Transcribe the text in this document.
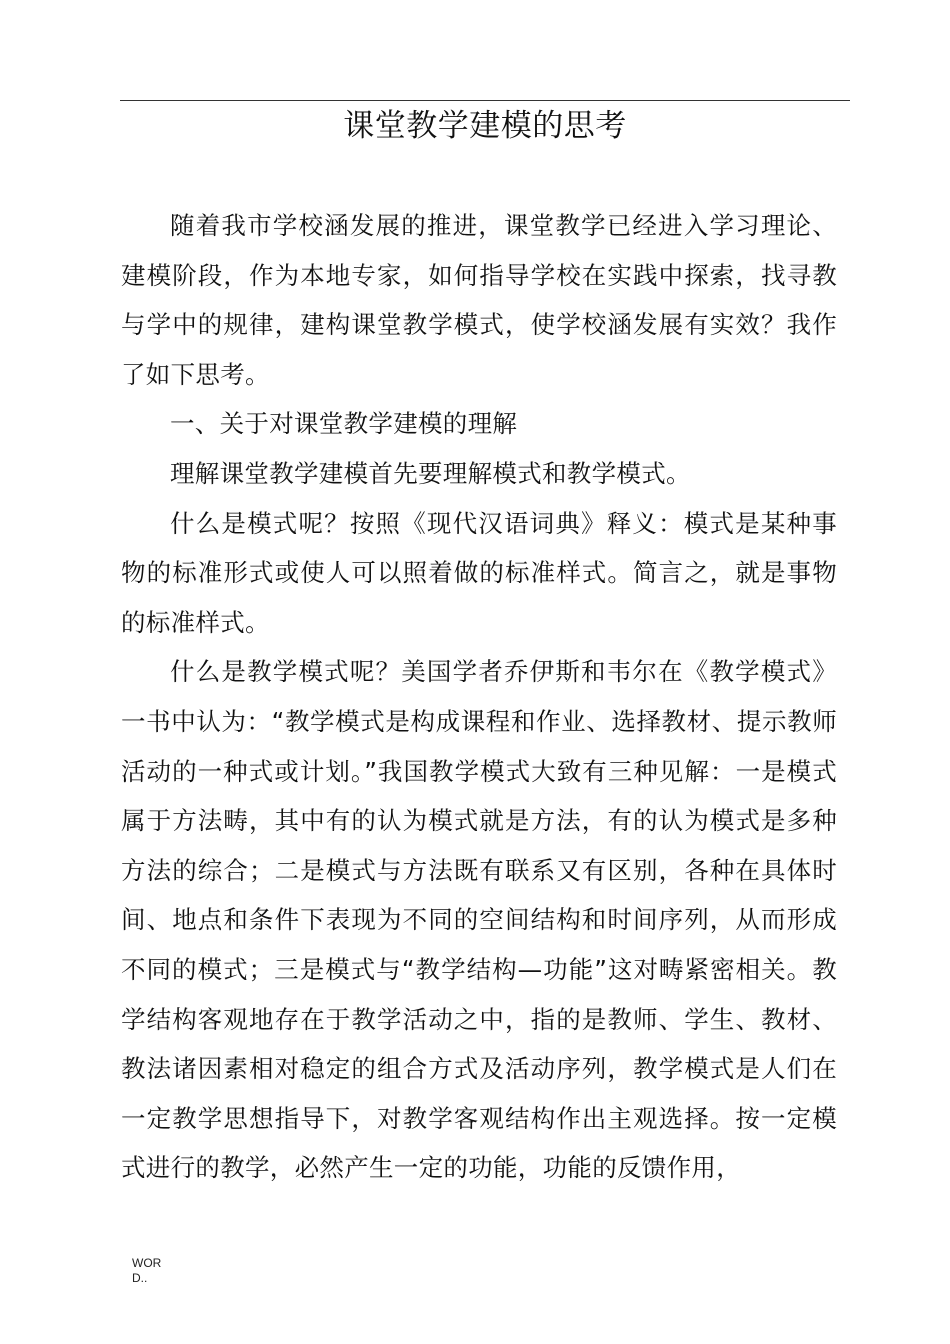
课堂教学建模的思考

随着我市学校涵发展的推进，课堂教学已经进入学习理论、建模阶段，作为本地专家，如何指导学校在实践中探索，找寻教与学中的规律，建构课堂教学模式，使学校涵发展有实效？我作了如下思考。

一、关于对课堂教学建模的理解

理解课堂教学建模首先要理解模式和教学模式。

什么是模式呢？按照《现代汉语词典》释义：模式是某种事物的标准形式或使人可以照着做的标准样式。简言之，就是事物的标准样式。

什么是教学模式呢？美国学者乔伊斯和韦尔在《教学模式》一书中认为：“教学模式是构成课程和作业、选择教材、提示教师活动的一种式或计划。”我国教学模式大致有三种见解：一是模式属于方法畴，其中有的认为模式就是方法，有的认为模式是多种方法的综合；二是模式与方法既有联系又有区别，各种在具体时间、地点和条件下表现为不同的空间结构和时间序列，从而形成不同的模式；三是模式与“教学结构—功能”这对畴紧密相关。教学结构客观地存在于教学活动之中，指的是教师、学生、教材、教法诸因素相对稳定的组合方式及活动序列，教学模式是人们在一定教学思想指导下，对教学客观结构作出主观选择。按一定模式进行的教学，必然产生一定的功能，功能的反馈作用，

WORD..
